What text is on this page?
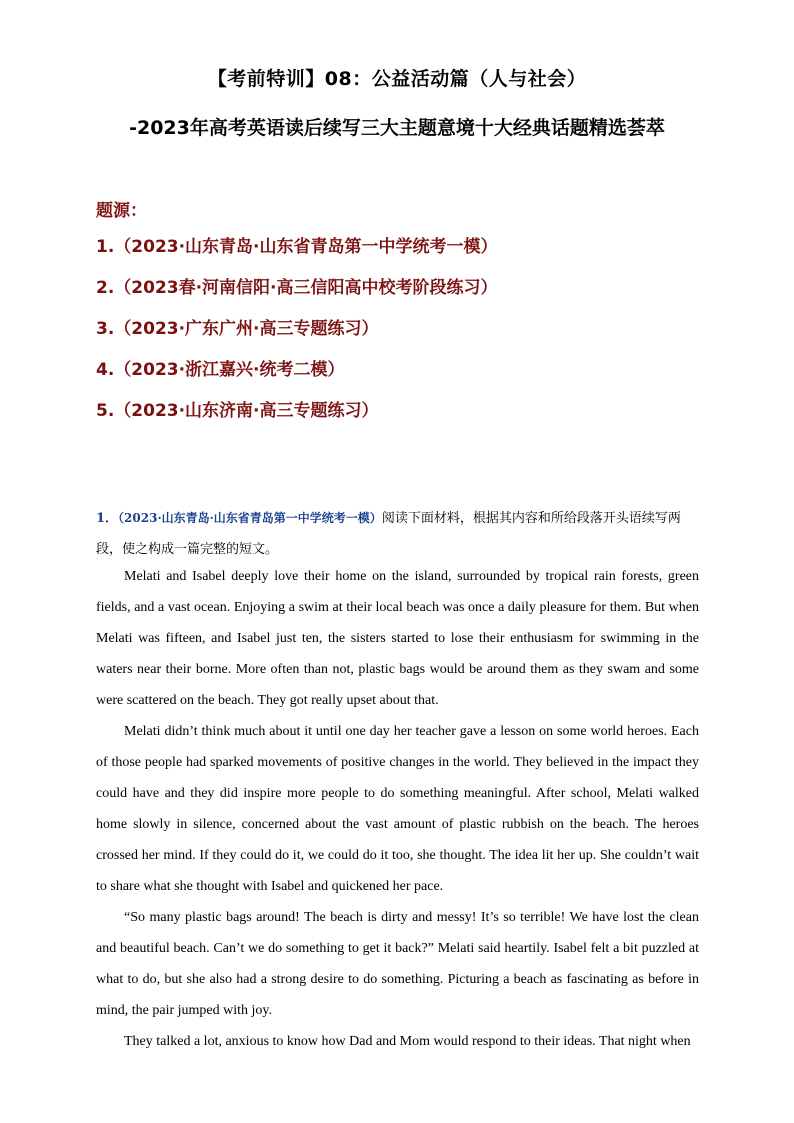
【考前特训】08：公益活动篇（人与社会）
-2023年高考英语读后续写三大主题意境十大经典话题精选荟萃
题源：
1.（2023·山东青岛·山东省青岛第一中学统考一模）
2.（2023春·河南信阳·高三信阳高中校考阶段练习）
3.（2023·广东广州·高三专题练习）
4.（2023·浙江嘉兴·统考二模）
5.（2023·山东济南·高三专题练习）
1．（2023·山东青岛·山东省青岛第一中学统考一模）阅读下面材料，根据其内容和所给段落开头语续写两段，使之构成一篇完整的短文。

Melati and Isabel deeply love their home on the island, surrounded by tropical rain forests, green fields, and a vast ocean. Enjoying a swim at their local beach was once a daily pleasure for them. But when Melati was fifteen, and Isabel just ten, the sisters started to lose their enthusiasm for swimming in the waters near their borne. More often than not, plastic bags would be around them as they swam and some were scattered on the beach. They got really upset about that.

Melati didn’t think much about it until one day her teacher gave a lesson on some world heroes. Each of those people had sparked movements of positive changes in the world. They believed in the impact they could have and they did inspire more people to do something meaningful. After school, Melati walked home slowly in silence, concerned about the vast amount of plastic rubbish on the beach. The heroes crossed her mind. If they could do it, we could do it too, she thought. The idea lit her up. She couldn’t wait to share what she thought with Isabel and quickened her pace.

“So many plastic bags around! The beach is dirty and messy! It’s so terrible! We have lost the clean and beautiful beach. Can’t we do something to get it back?” Melati said heartily. Isabel felt a bit puzzled at what to do, but she also had a strong desire to do something. Picturing a beach as fascinating as before in mind, the pair jumped with joy.

They talked a lot, anxious to know how Dad and Mom would respond to their ideas. That night when
